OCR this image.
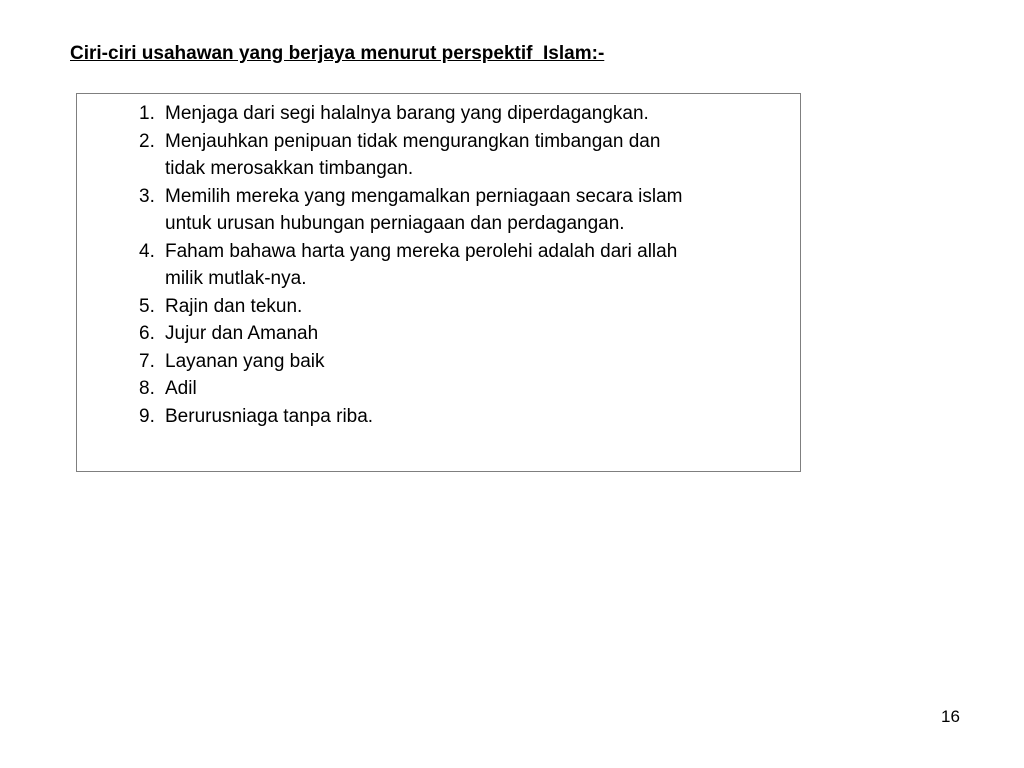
Ciri-ciri usahawan yang berjaya menurut perspektif  Islam:-
1. Menjaga dari segi halalnya barang yang diperdagangkan.
2. Menjauhkan penipuan tidak mengurangkan timbangan dan
tidak merosakkan timbangan.
3. Memilih mereka yang mengamalkan perniagaan secara islam
untuk urusan hubungan perniagaan dan perdagangan.
4. Faham bahawa harta yang mereka perolehi adalah dari allah
milik mutlak-nya.
5. Rajin dan tekun.
6. Jujur dan Amanah
7. Layanan yang baik
8. Adil
9. Berurusniaga tanpa riba.
16
